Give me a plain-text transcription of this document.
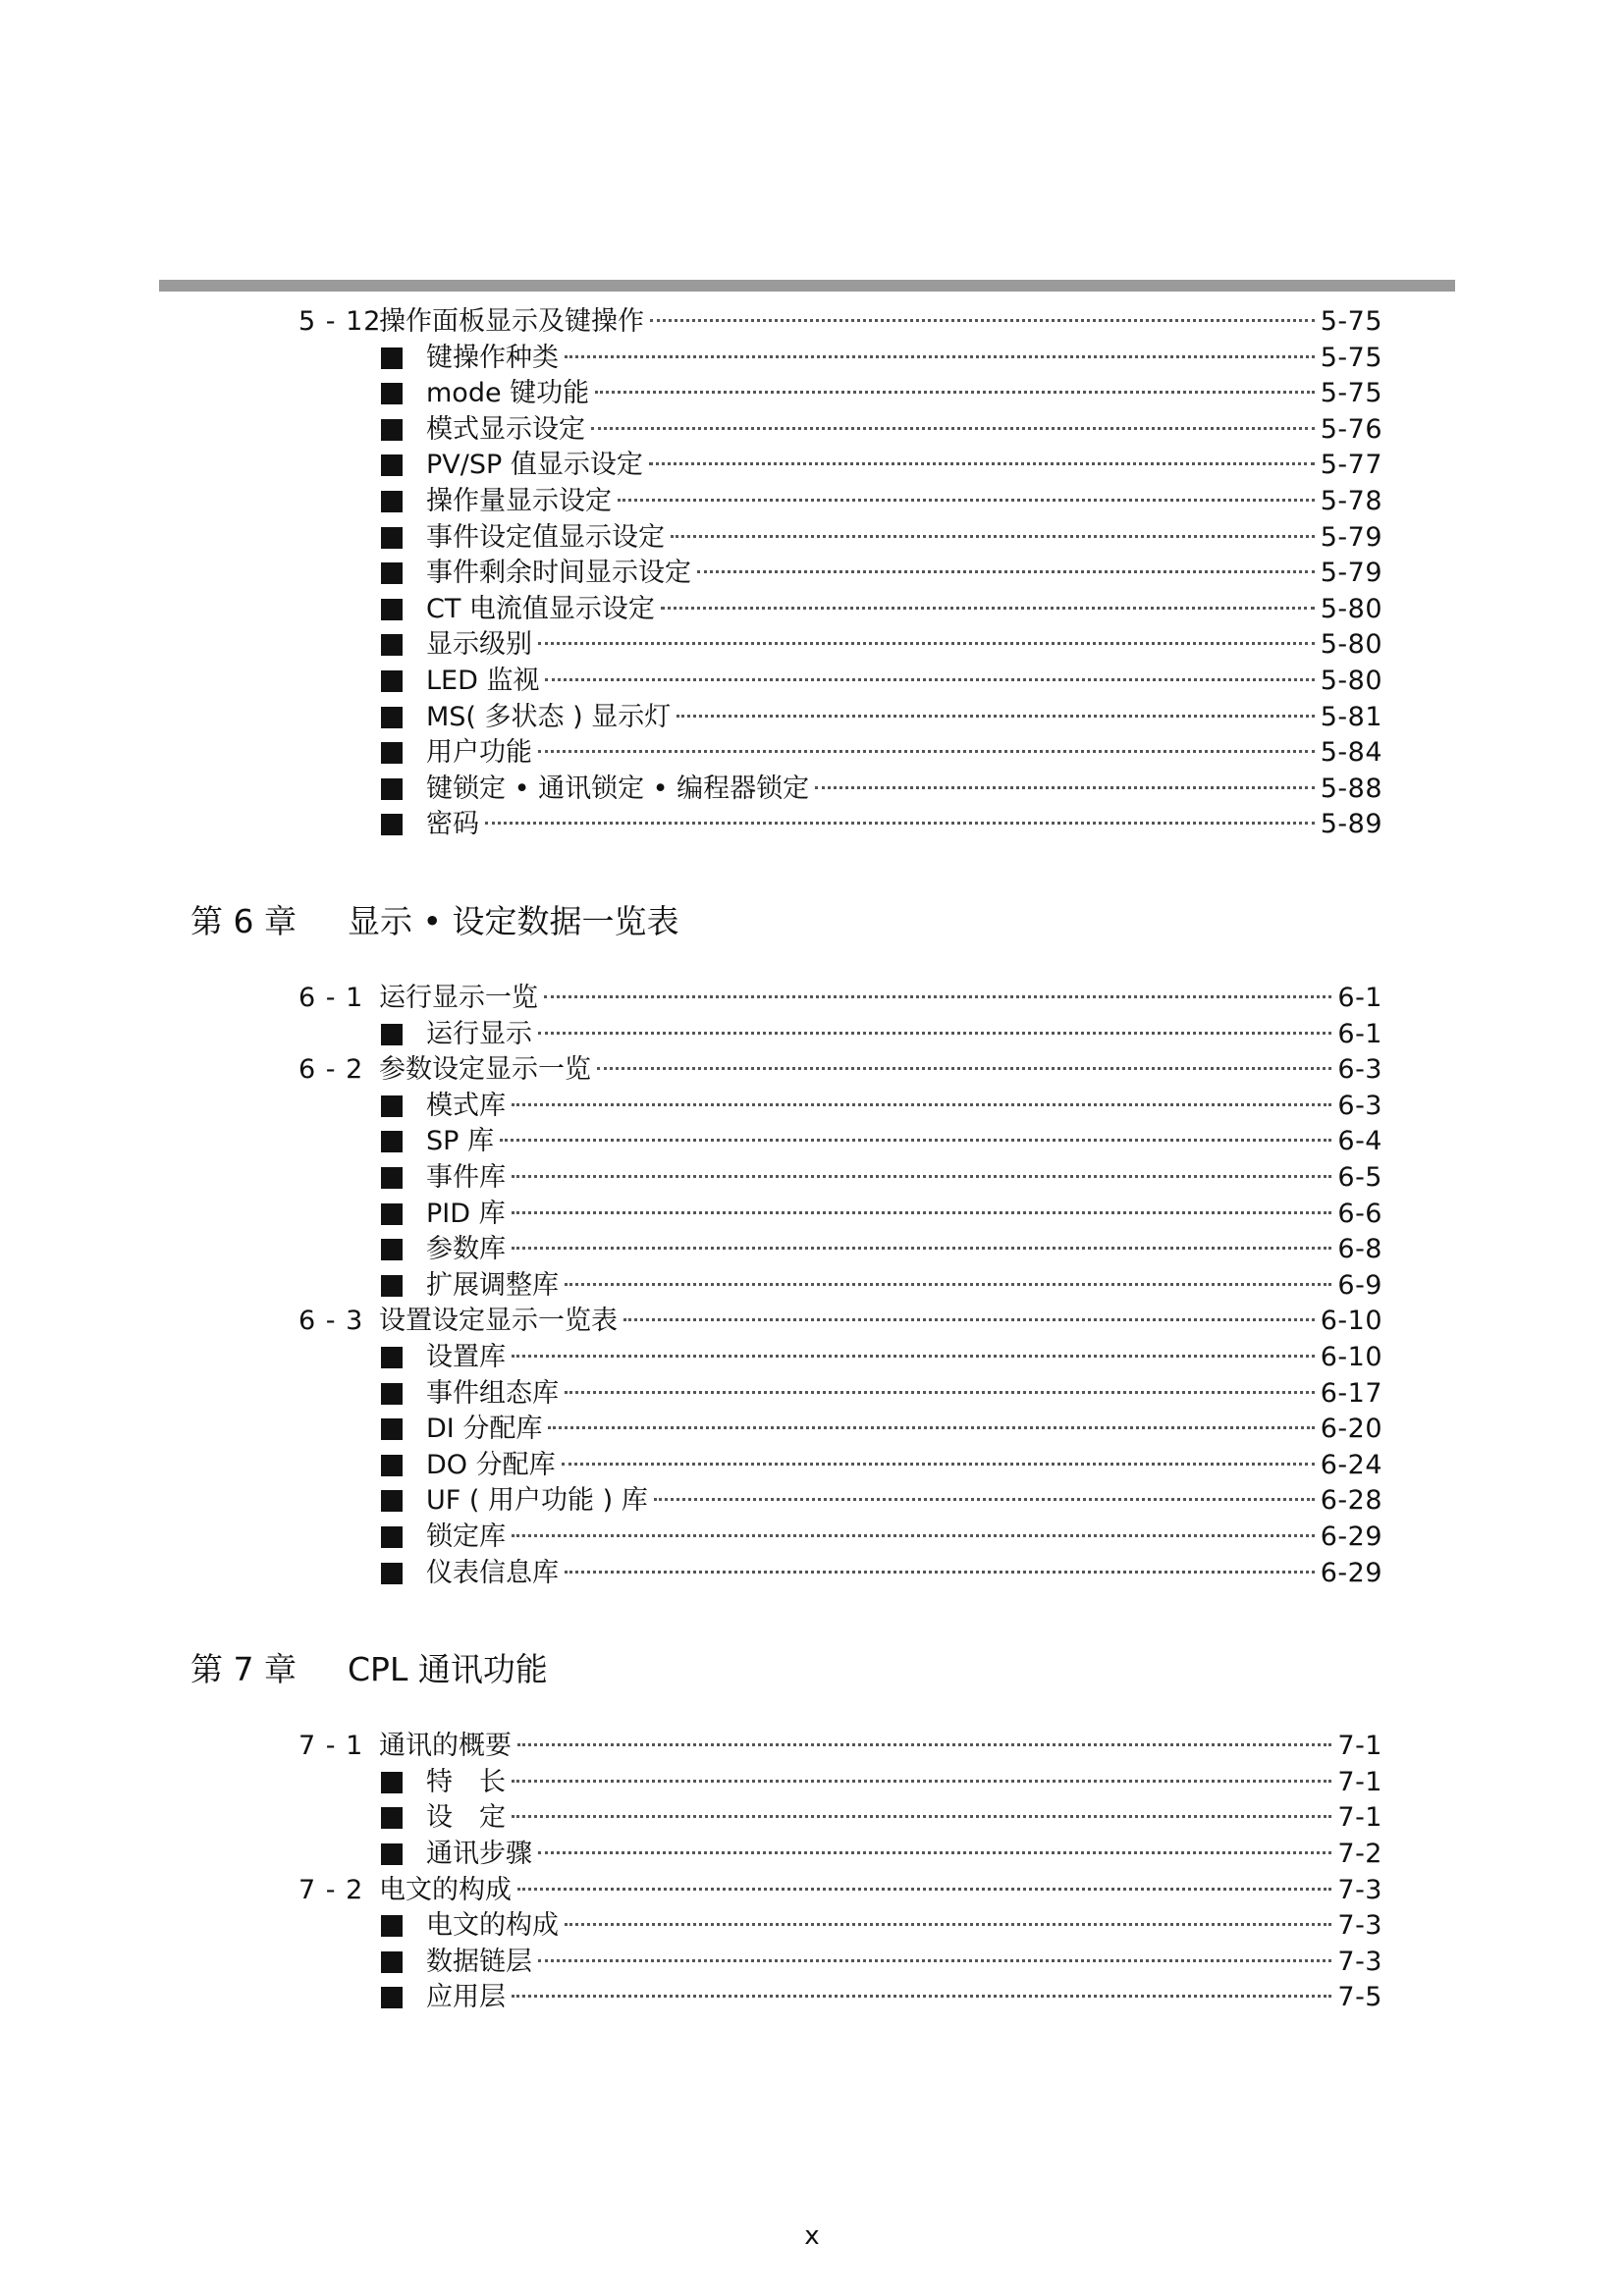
5 - 12
操作面板显示及键操作	5-75
键操作种类	5-75
mode 键功能	5-75
模式显示设定	5-76
PV/SP 值显示设定	5-77
操作量显示设定	5-78
事件设定值显示设定	5-79
事件剩余时间显示设定	5-79
CT 电流值显示设定	5-80
显示级别	5-80
LED 监视	5-80
MS( 多状态 ) 显示灯	5-81
用户功能	5-84
键锁定 • 通讯锁定 • 编程器锁定	5-88
密码	5-89
第 6 章 显示 • 设定数据一览表
6 - 1 运行显示一览	6-1
运行显示	6-1
6 - 2 参数设定显示一览	6-3
模式库	6-3
SP 库	6-4
事件库	6-5
PID 库	6-6
参数库	6-8
扩展调整库	6-9
6 - 3 设置设定显示一览表	6-10
设置库	6-10
事件组态库	6-17
DI 分配库	6-20
DO 分配库	6-24
UF ( 用户功能 ) 库	6-28
锁定库	6-29
仪表信息库	6-29
第 7 章 CPL 通讯功能
7 - 1 通讯的概要	7-1
特　长	7-1
设　定	7-1
通讯步骤	7-2
7 - 2 电文的构成	7-3
电文的构成	7-3
数据链层	7-3
应用层	7-5
x
